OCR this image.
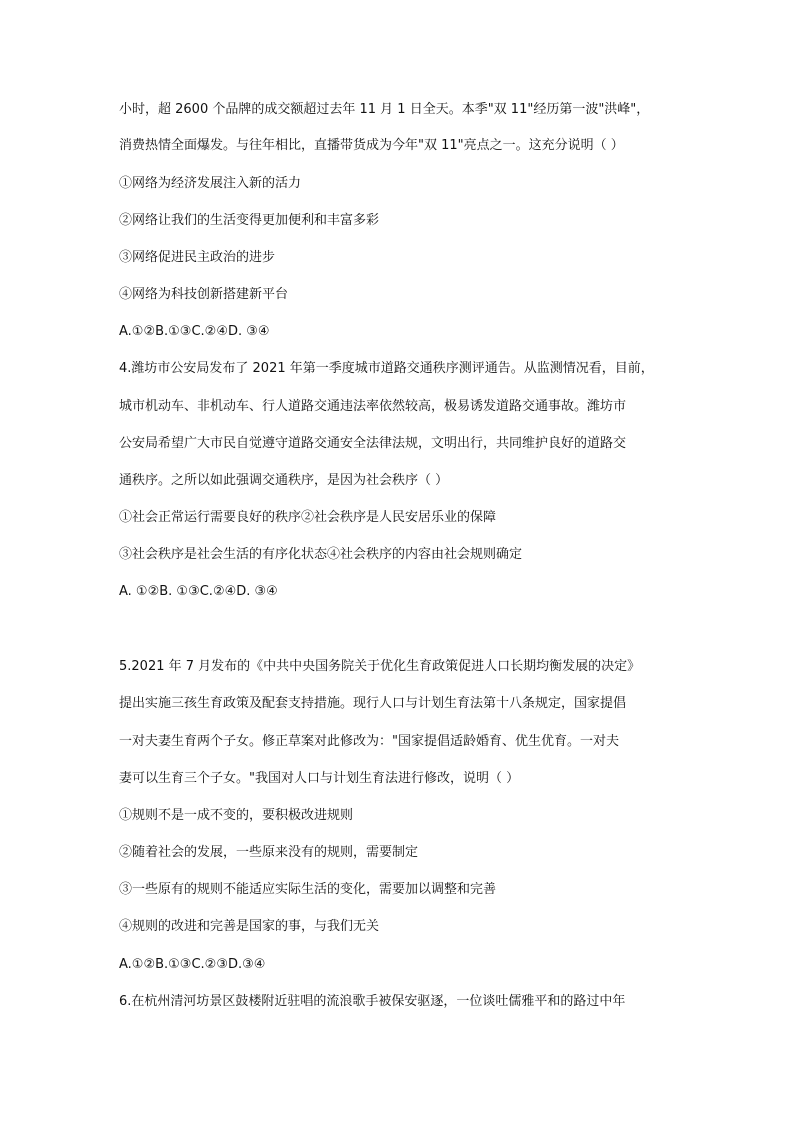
小时，超 2600 个品牌的成交额超过去年 11 月 1 日全天。本季"双 11"经历第一波"洪峰"，
消费热情全面爆发。与往年相比，直播带货成为今年"双 11"亮点之一。这充分说明（ ）
①网络为经济发展注入新的活力
②网络让我们的生活变得更加便利和丰富多彩
③网络促进民主政治的进步
④网络为科技创新搭建新平台
A.①②B.①③C.②④D. ③④
4.潍坊市公安局发布了 2021 年第一季度城市道路交通秩序测评通告。从监测情况看，目前，
城市机动车、非机动车、行人道路交通违法率依然较高，极易诱发道路交通事故。潍坊市
公安局希望广大市民自觉遵守道路交通安全法律法规，文明出行，共同维护良好的道路交
通秩序。之所以如此强调交通秩序，是因为社会秩序（ ）
①社会正常运行需要良好的秩序②社会秩序是人民安居乐业的保障
③社会秩序是社会生活的有序化状态④社会秩序的内容由社会规则确定
A. ①②B. ①③C.②④D. ③④
5.2021 年 7 月发布的《中共中央国务院关于优化生育政策促进人口长期均衡发展的决定》
提出实施三孩生育政策及配套支持措施。现行人口与计划生育法第十八条规定，国家提倡
一对夫妻生育两个子女。修正草案对此修改为："国家提倡适龄婚育、优生优育。一对夫
妻可以生育三个子女。"我国对人口与计划生育法进行修改，说明（ ）
①规则不是一成不变的，要积极改进规则
②随着社会的发展，一些原来没有的规则，需要制定
③一些原有的规则不能适应实际生活的变化，需要加以调整和完善
④规则的改进和完善是国家的事，与我们无关
A.①②B.①③C.②③D.③④
6.在杭州清河坊景区鼓楼附近驻唱的流浪歌手被保安驱逐，一位谈吐儒雅平和的路过中年
